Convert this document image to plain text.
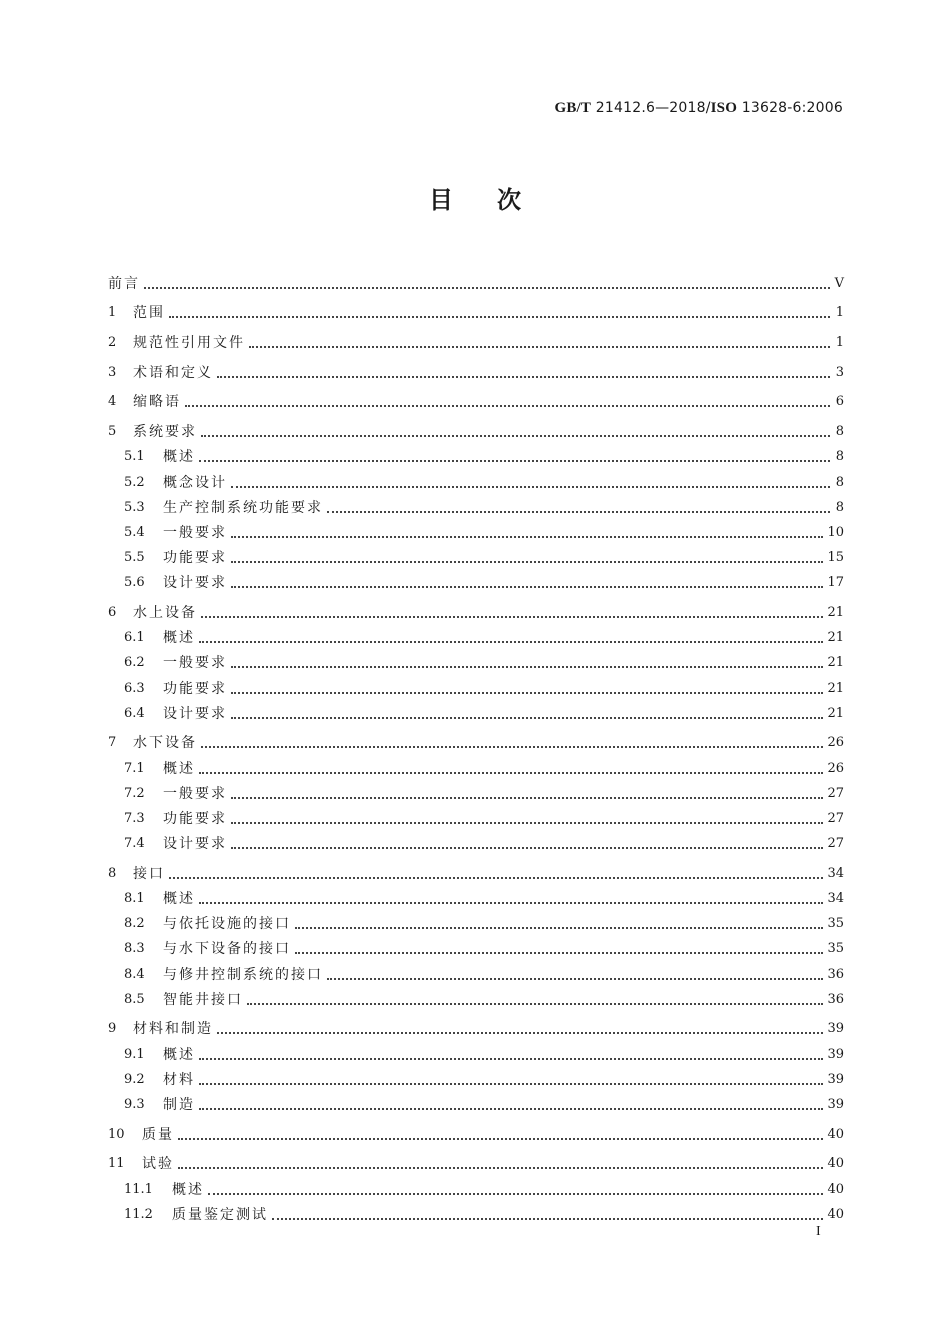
GB/T 21412.6—2018/ISO 13628-6:2006
目次
前言	Ⅴ
1	范围	1
2	规范性引用文件	1
3	术语和定义	3
4	缩略语	6
5	系统要求	8
5.1	概述	8
5.2	概念设计	8
5.3	生产控制系统功能要求	8
5.4	一般要求	10
5.5	功能要求	15
5.6	设计要求	17
6	水上设备	21
6.1	概述	21
6.2	一般要求	21
6.3	功能要求	21
6.4	设计要求	21
7	水下设备	26
7.1	概述	26
7.2	一般要求	27
7.3	功能要求	27
7.4	设计要求	27
8	接口	34
8.1	概述	34
8.2	与依托设施的接口	35
8.3	与水下设备的接口	35
8.4	与修井控制系统的接口	36
8.5	智能井接口	36
9	材料和制造	39
9.1	概述	39
9.2	材料	39
9.3	制造	39
10	质量	40
11	试验	40
11.1	概述	40
11.2	质量鉴定测试	40
I
